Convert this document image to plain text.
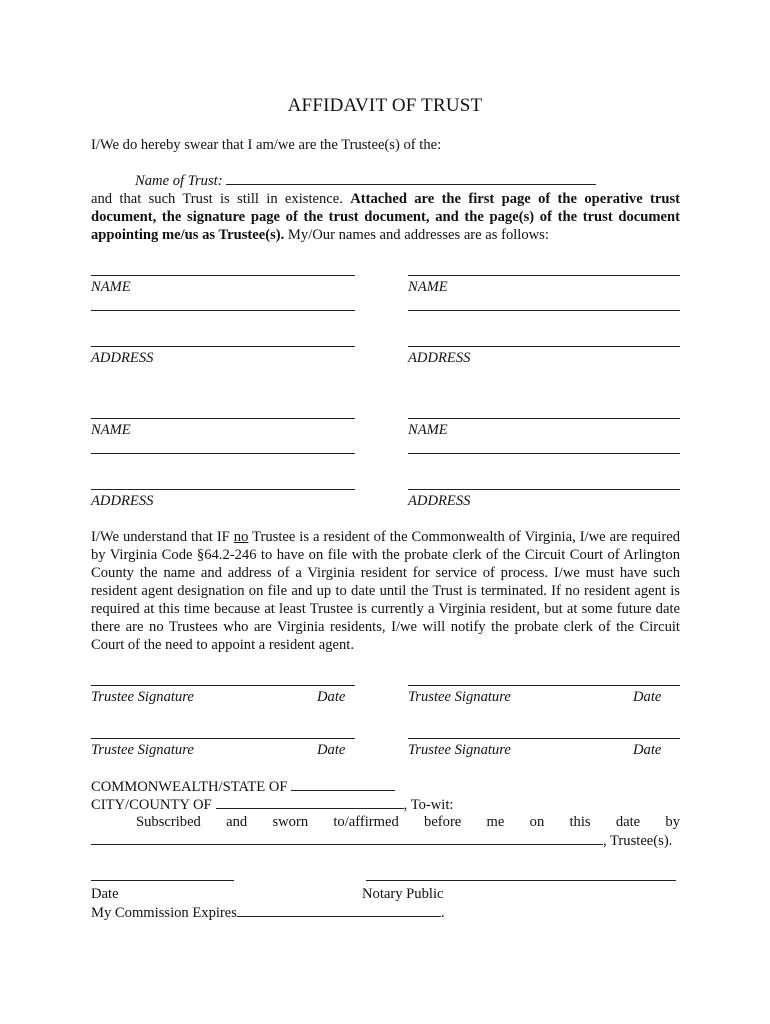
AFFIDAVIT OF TRUST
I/We do hereby swear that I am/we are the Trustee(s) of the:
Name of Trust:
and that such Trust is still in existence. Attached are the first page of the operative trust document, the signature page of the trust document, and the page(s) of the trust document appointing me/us as Trustee(s). My/Our names and addresses are as follows:
NAME	NAME
ADDRESS	ADDRESS
NAME	NAME
ADDRESS	ADDRESS
I/We understand that IF no Trustee is a resident of the Commonwealth of Virginia, I/we are required by Virginia Code §64.2-246 to have on file with the probate clerk of the Circuit Court of Arlington County the name and address of a Virginia resident for service of process. I/we must have such resident agent designation on file and up to date until the Trust is terminated. If no resident agent is required at this time because at least Trustee is currently a Virginia resident, but at some future date there are no Trustees who are Virginia residents, I/we will notify the probate clerk of the Circuit Court of the need to appoint a resident agent.
Trustee Signature	Date	Trustee Signature	Date
Trustee Signature	Date	Trustee Signature	Date
COMMONWEALTH/STATE OF
CITY/COUNTY OF	, To-wit:
Subscribed and sworn to/affirmed before me on this date by
, Trustee(s).
Date	Notary Public
My Commission Expires	.
